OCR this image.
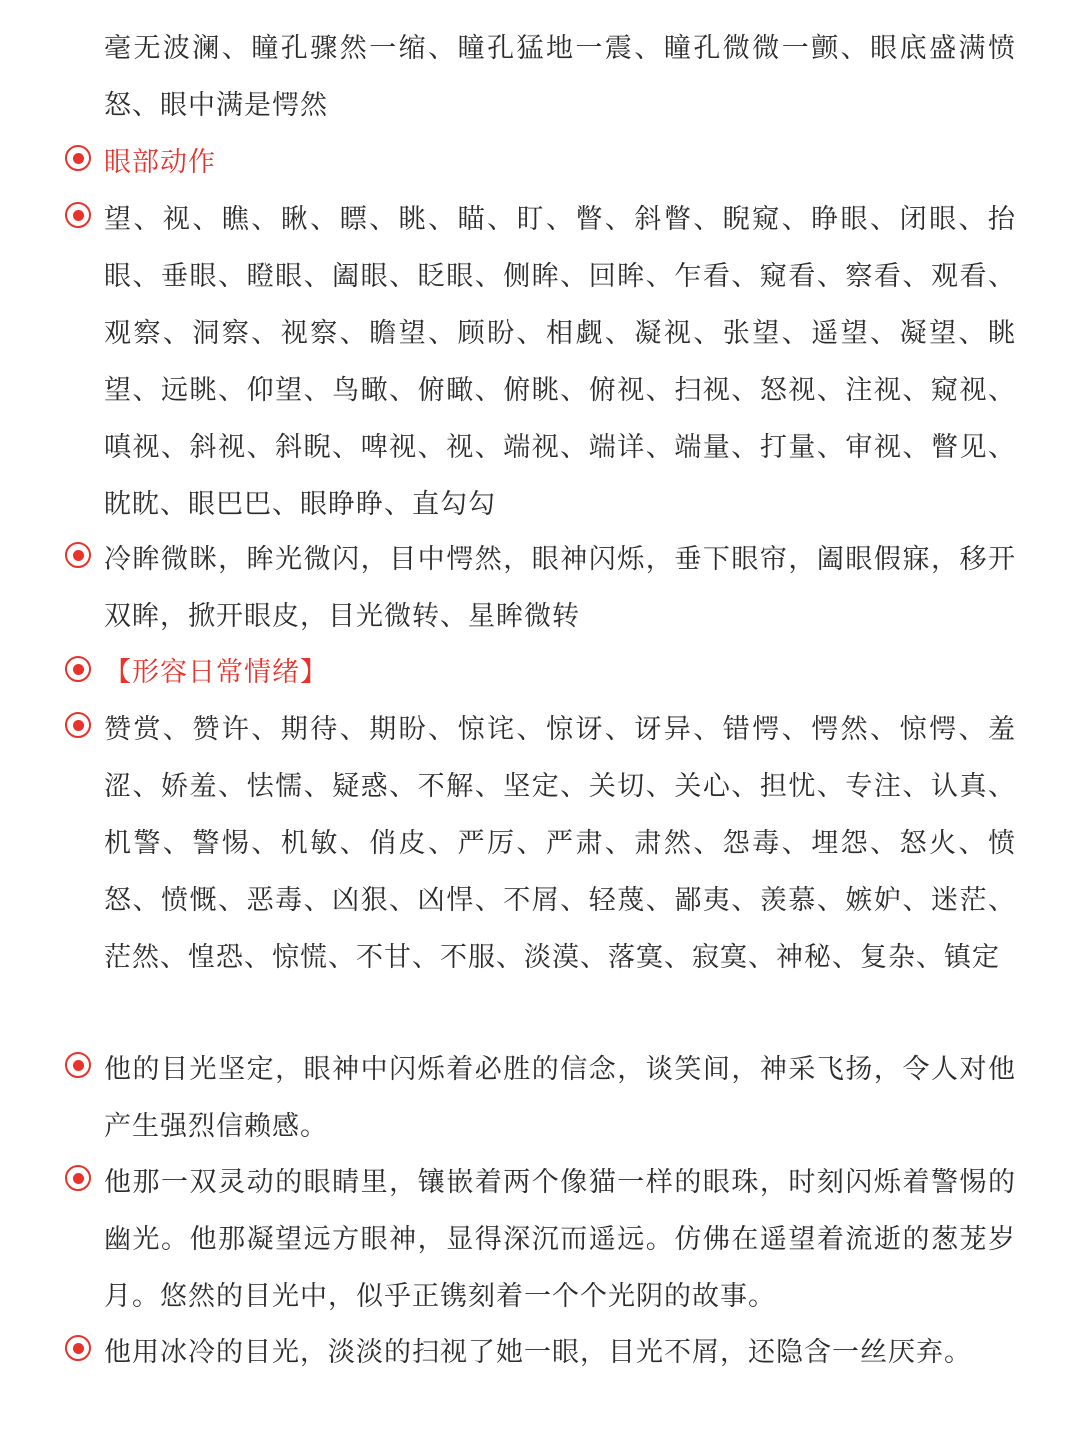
毫无波澜、瞳孔骤然一缩、瞳孔猛地一震、瞳孔微微一颤、眼底盛满愤怒、眼中满是愕然

眼部动作

望、视、瞧、瞅、瞟、眺、瞄、盯、瞥、斜瞥、睨窥、睁眼、闭眼、抬眼、垂眼、瞪眼、阖眼、眨眼、侧眸、回眸、乍看、窥看、察看、观看、观察、洞察、视察、瞻望、顾盼、相觑、凝视、张望、遥望、凝望、眺望、远眺、仰望、鸟瞰、俯瞰、俯眺、俯视、扫视、怒视、注视、窥视、嗔视、斜视、斜睨、啤视、视、端视、端详、端量、打量、审视、瞥见、眈眈、眼巴巴、眼睁睁、直勾勾

冷眸微眯，眸光微闪，目中愕然，眼神闪烁，垂下眼帘，阖眼假寐，移开双眸，掀开眼皮，目光微转、星眸微转

【形容日常情绪】

赞赏、赞许、期待、期盼、惊诧、惊讶、讶异、错愕、愕然、惊愕、羞涩、娇羞、怯懦、疑惑、不解、坚定、关切、关心、担忧、专注、认真、机警、警惕、机敏、俏皮、严厉、严肃、肃然、怨毒、埋怨、怒火、愤怒、愤慨、恶毒、凶狠、凶悍、不屑、轻蔑、鄙夷、羡慕、嫉妒、迷茫、茫然、惶恐、惊慌、不甘、不服、淡漠、落寞、寂寞、神秘、复杂、镇定

他的目光坚定，眼神中闪烁着必胜的信念，谈笑间，神采飞扬，令人对他产生强烈信赖感。

他那一双灵动的眼睛里，镶嵌着两个像猫一样的眼珠，时刻闪烁着警惕的幽光。他那凝望远方眼神，显得深沉而遥远。仿佛在遥望着流逝的葱茏岁月。悠然的目光中，似乎正镌刻着一个个光阴的故事。

他用冰冷的目光，淡淡的扫视了她一眼，目光不屑，还隐含一丝厌弃。
